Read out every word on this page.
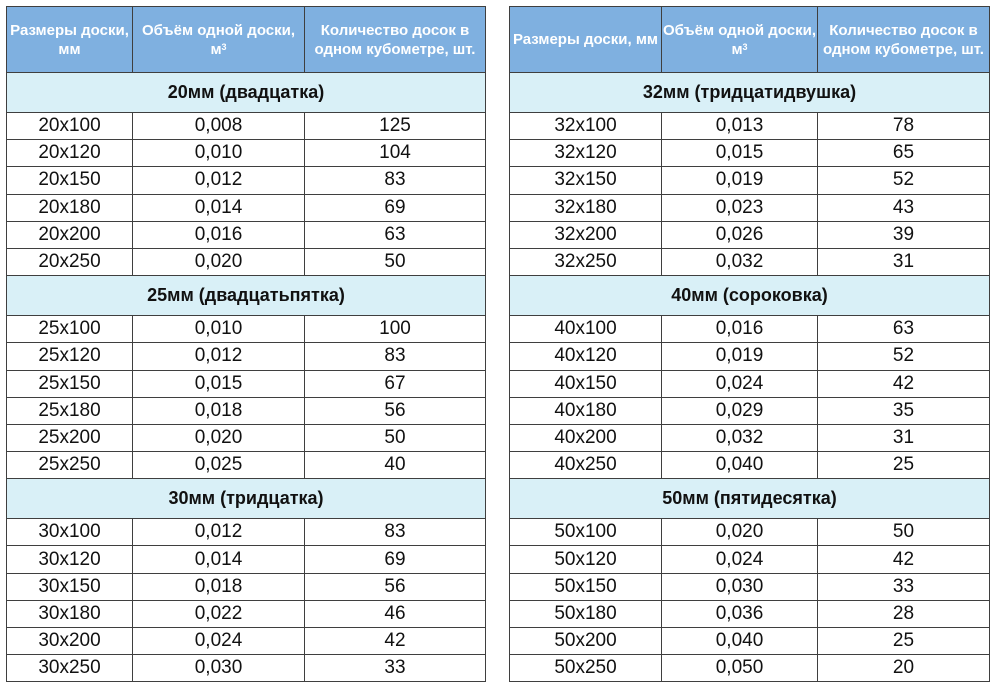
Размеры доски, мм	Объём одной доски, $м^3$	Количество досок в одном кубометре, шт.
20мм (двадцатка)		
20х100	0,008	125
20х120	0,010	104
20х150	0,012	83
20х180	0,014	69
20х200	0,016	63
20х250	0,020	50
25мм (двадцатьпятка)		
25х100	0,010	100
25х120	0,012	83
25х150	0,015	67
25х180	0,018	56
25х200	0,020	50
25х250	0,025	40
30мм (тридцатка)		
30х100	0,012	83
30х120	0,014	69
30х150	0,018	56
30х180	0,022	46
30х200	0,024	42
30х250	0,030	33
Размеры доски, мм	Объём одной доски, $м^3$	Количество досок в одном кубометре, шт.
32мм (тридцатидвушка)		
32х100	0,013	78
32х120	0,015	65
32х150	0,019	52
32х180	0,023	43
32х200	0,026	39
32х250	0,032	31
40мм (сороковка)		
40х100	0,016	63
40х120	0,019	52
40х150	0,024	42
40х180	0,029	35
40х200	0,032	31
40х250	0,040	25
50мм (пятидесятка)		
50х100	0,020	50
50х120	0,024	42
50х150	0,030	33
50х180	0,036	28
50х200	0,040	25
50х250	0,050	20
